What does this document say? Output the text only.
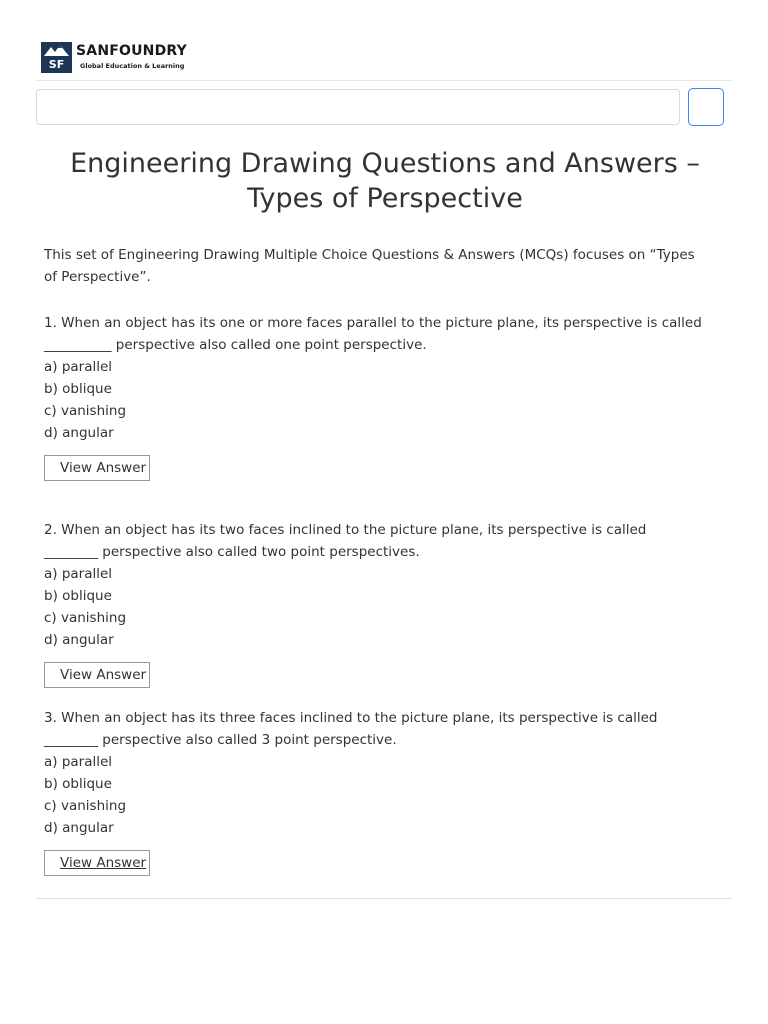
SF
SANFOUNDRY
Global Education & Learning
Engineering Drawing Questions and Answers – Types of Perspective

This set of Engineering Drawing Multiple Choice Questions & Answers (MCQs) focuses on “Types of Perspective”.

1. When an object has its one or more faces parallel to the picture plane, its perspective is called __________ perspective also called one point perspective.

a) parallel
b) oblique
c) vanishing
d) angular
View Answer

2. When an object has its two faces inclined to the picture plane, its perspective is called ________ perspective also called two point perspectives.

a) parallel
b) oblique
c) vanishing
d) angular
View Answer

3. When an object has its three faces inclined to the picture plane, its perspective is called ________ perspective also called 3 point perspective.

a) parallel
b) oblique
c) vanishing
d) angular
View Answer
